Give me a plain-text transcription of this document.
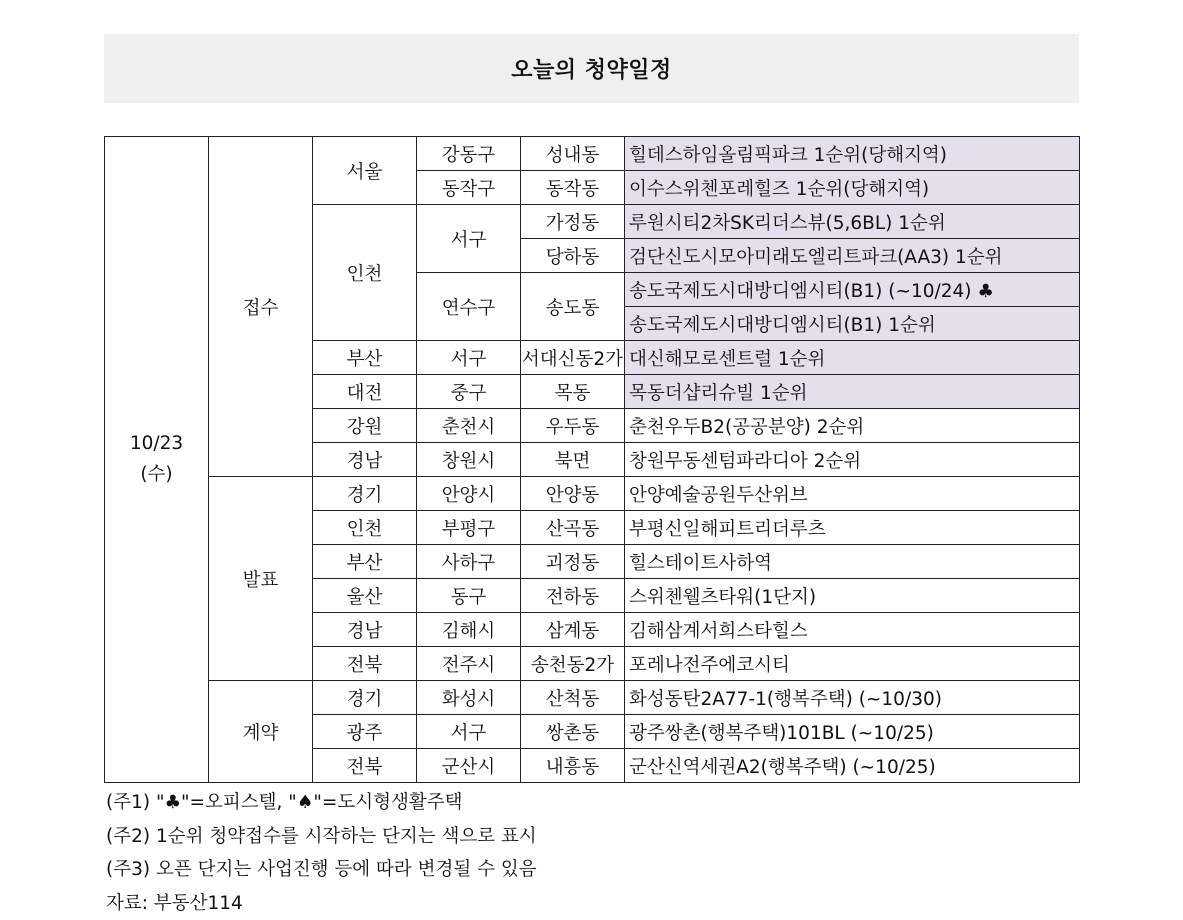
오늘의 청약일정
10/23
(수)	접수	서울	강동구	성내동	힐데스하임올림픽파크 1순위(당해지역)
			동작구	동작동	이수스위첸포레힐즈 1순위(당해지역)
		인천	서구	가정동	루원시티2차SK리더스뷰(5,6BL) 1순위
				당하동	검단신도시모아미래도엘리트파크(AA3) 1순위
			연수구	송도동	송도국제도시대방디엠시티(B1) (~10/24) ♣
					송도국제도시대방디엠시티(B1) 1순위
		부산	서구	서대신동2가	대신해모로센트럴 1순위
		대전	중구	목동	목동더샵리슈빌 1순위
		강원	춘천시	우두동	춘천우두B2(공공분양) 2순위
		경남	창원시	북면	창원무동센텀파라디아 2순위
	발표	경기	안양시	안양동	안양예술공원두산위브
		인천	부평구	산곡동	부평신일해피트리더루츠
		부산	사하구	괴정동	힐스테이트사하역
		울산	동구	전하동	스위첸웰츠타워(1단지)
		경남	김해시	삼계동	김해삼계서희스타힐스
		전북	전주시	송천동2가	포레나전주에코시티
	계약	경기	화성시	산척동	화성동탄2A77-1(행복주택) (~10/30)
		광주	서구	쌍촌동	광주쌍촌(행복주택)101BL (~10/25)
		전북	군산시	내흥동	군산신역세권A2(행복주택) (~10/25)
(주1) "♣"=오피스텔, "♠"=도시형생활주택
(주2) 1순위 청약접수를 시작하는 단지는 색으로 표시
(주3) 오픈 단지는 사업진행 등에 따라 변경될 수 있음
자료: 부동산114
